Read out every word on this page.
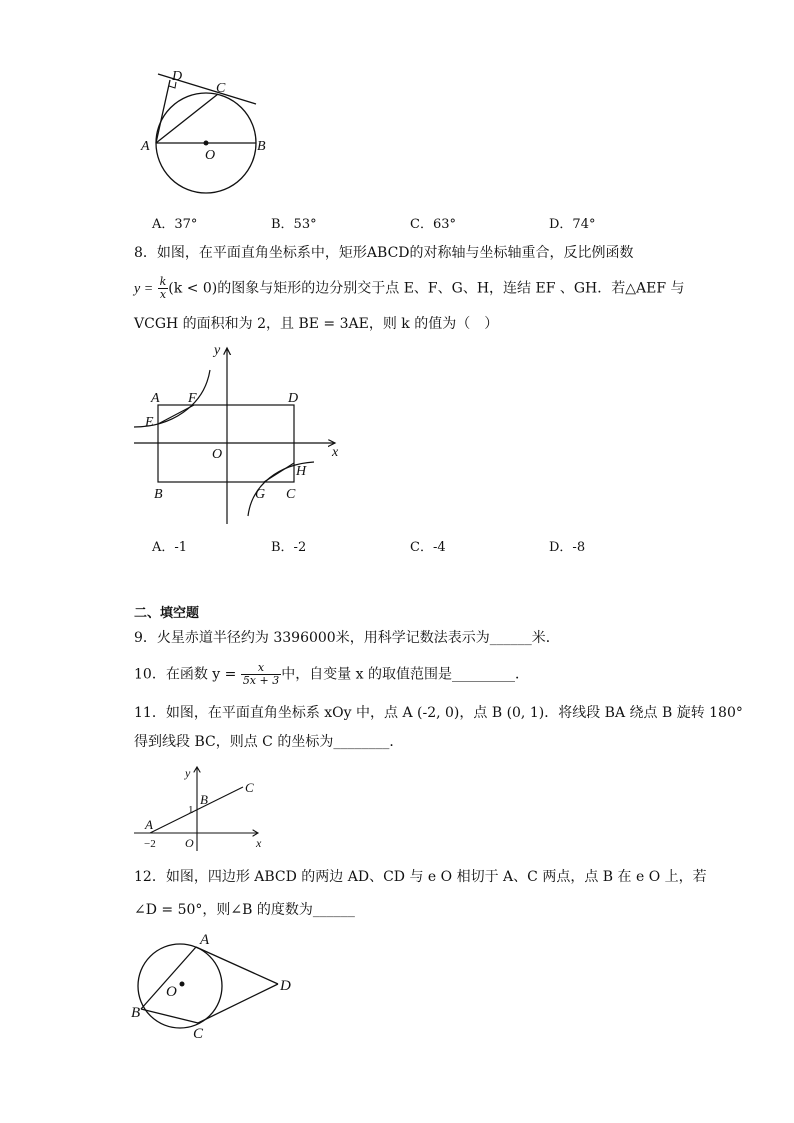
D
C
A
O
B
A．37°	B．53°	C．63°	D．74°
8．如图，在平面直角坐标系中，矩形ABCD的对称轴与坐标轴重合，反比例函数
$y = \frac{k}{x} (k < 0)$的图象与矩形的边分别交于点 E、F、G、H，连结 EF 、GH．若△AEF 与
VCGH 的面积和为 2，且 BE = 3AE，则 k 的值为（　）
y
x
A F	D
E
O
B	G C
H
A．-1	B．-2	C．-4	D．-8
二、填空题
9．火星赤道半径约为 3396000米，用科学记数法表示为______米．
10．在函数 $y = \frac{x}{5x + 3}$ 中，自变量 x 的取值范围是_________．
11．如图，在平面直角坐标系 xOy 中，点 A (-2, 0)，点 B (0, 1)．将线段 BA 绕点 B 旋转 180°
得到线段 BC，则点 C 的坐标为________．
y
x
C
B
1
A
−2 O
12．如图，四边形 ABCD 的两边 AD、CD 与 e O 相切于 A、C 两点，点 B 在 e O 上，若
∠D = 50°，则∠B 的度数为______
A
O	D
B
C
